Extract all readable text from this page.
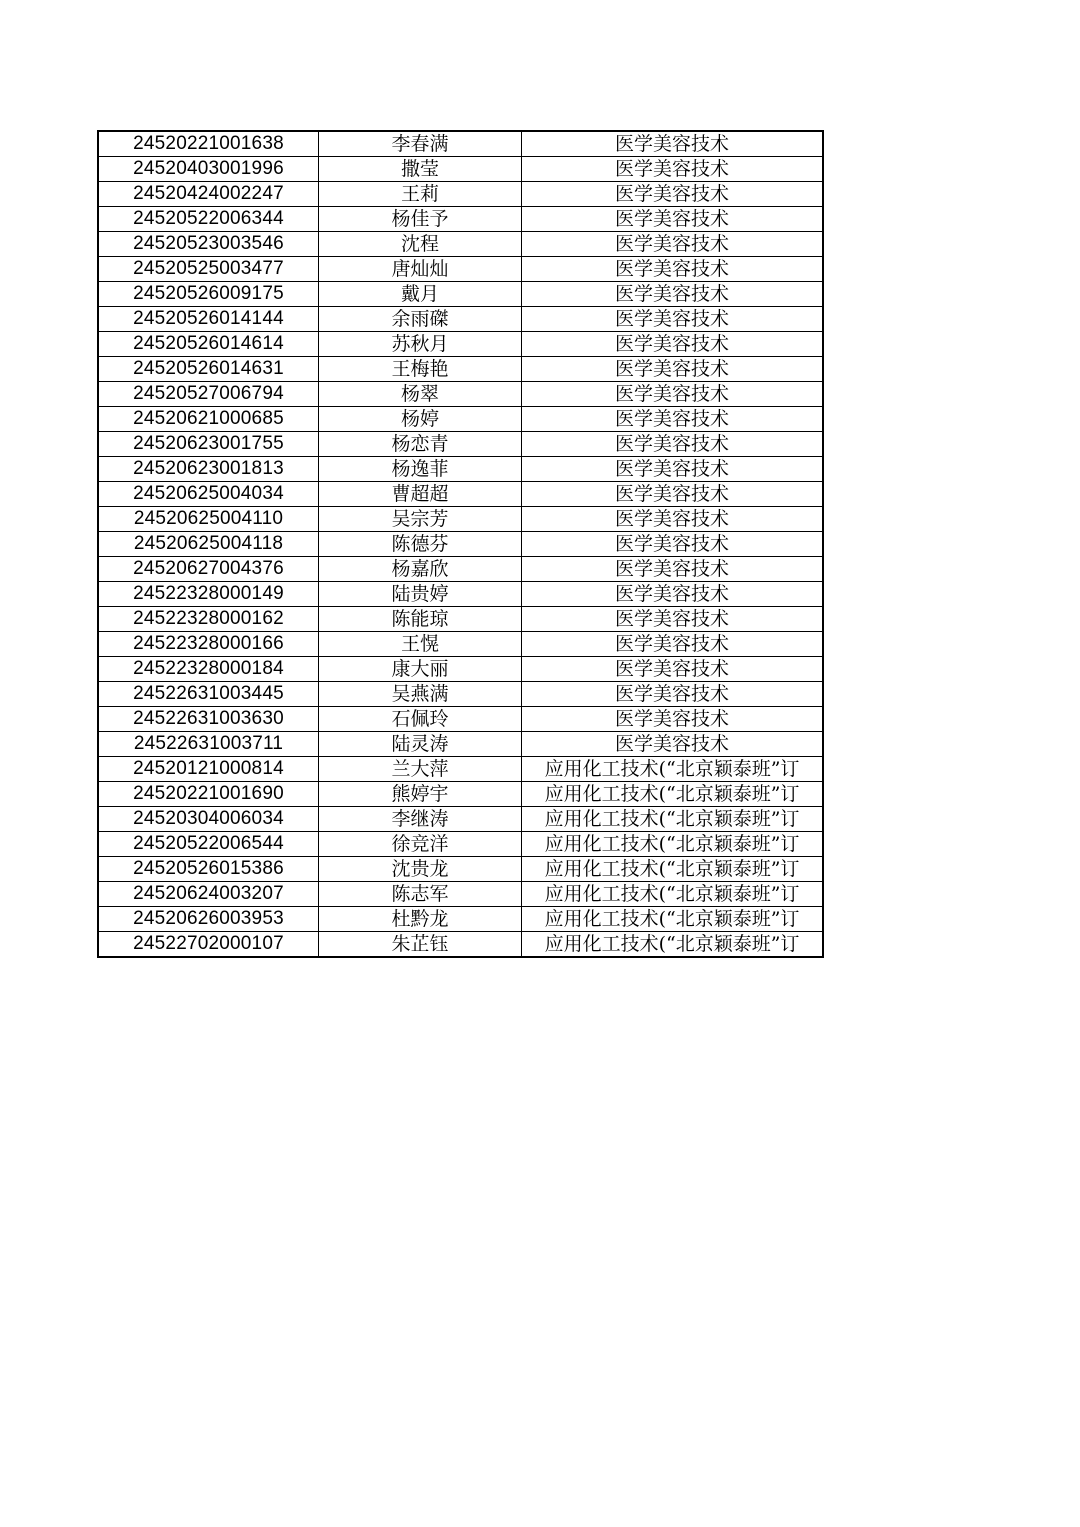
24520221001638	李春满	医学美容技术
24520403001996	撒莹	医学美容技术
24520424002247	王莉	医学美容技术
24520522006344	杨佳予	医学美容技术
24520523003546	沈程	医学美容技术
24520525003477	唐灿灿	医学美容技术
24520526009175	戴月	医学美容技术
24520526014144	余雨磔	医学美容技术
24520526014614	苏秋月	医学美容技术
24520526014631	王梅艳	医学美容技术
24520527006794	杨翠	医学美容技术
24520621000685	杨婷	医学美容技术
24520623001755	杨恋青	医学美容技术
24520623001813	杨逸菲	医学美容技术
24520625004034	曹超超	医学美容技术
24520625004110	吴宗芳	医学美容技术
24520625004118	陈德芬	医学美容技术
24520627004376	杨嘉欣	医学美容技术
24522328000149	陆贵婷	医学美容技术
24522328000162	陈能琼	医学美容技术
24522328000166	王愰	医学美容技术
24522328000184	康大丽	医学美容技术
24522631003445	吴燕满	医学美容技术
24522631003630	石佩玲	医学美容技术
24522631003711	陆灵涛	医学美容技术
24520121000814	兰大萍	应用化工技术(“北京颖泰班”订
24520221001690	熊婷宇	应用化工技术(“北京颖泰班”订
24520304006034	李继涛	应用化工技术(“北京颖泰班”订
24520522006544	徐竞洋	应用化工技术(“北京颖泰班”订
24520526015386	沈贵龙	应用化工技术(“北京颖泰班”订
24520624003207	陈志军	应用化工技术(“北京颖泰班”订
24520626003953	杜黔龙	应用化工技术(“北京颖泰班”订
24522702000107	朱芷钰	应用化工技术(“北京颖泰班”订
